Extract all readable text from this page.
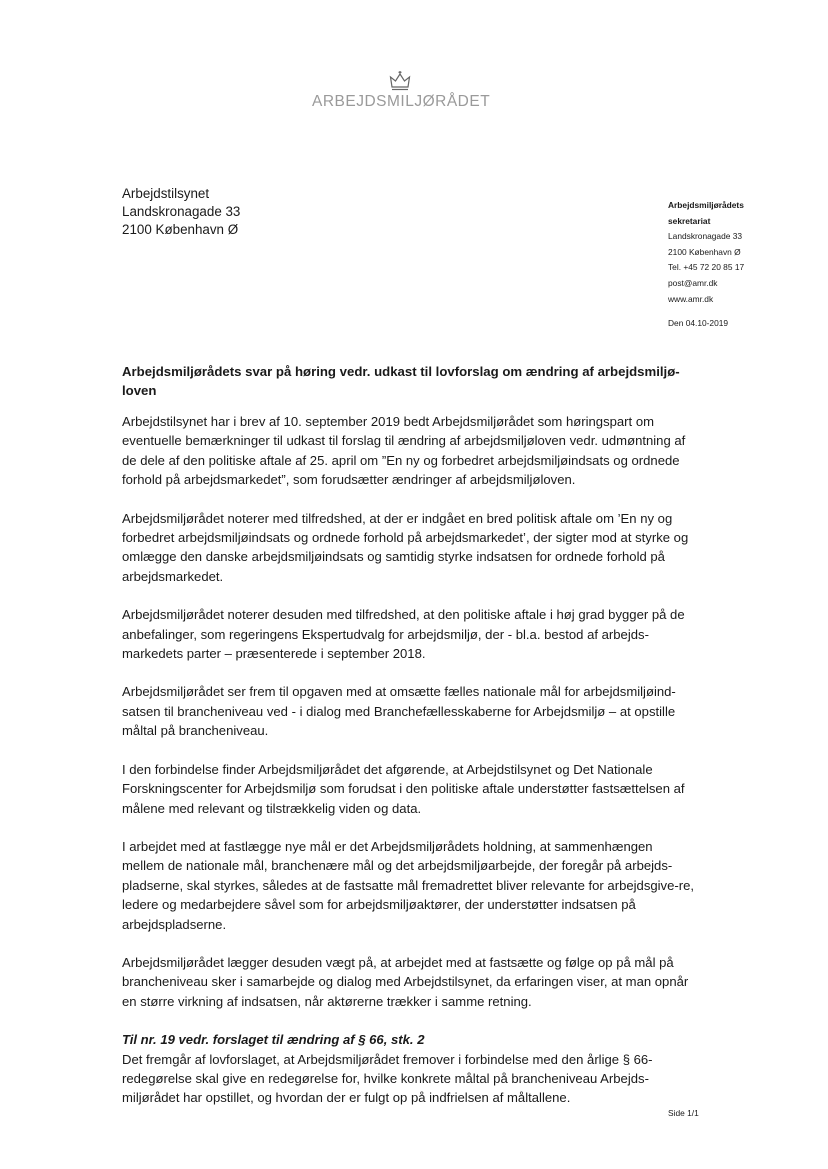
ARBEJDSMILJØRÅDET
Arbejdstilsynet
Landskronagade 33
2100 København Ø
Arbejdsmiljørådets
sekretariat
Landskronagade 33
2100 København Ø
Tel. +45 72 20 85 17
post@amr.dk
www.amr.dk
Den 04.10-2019
Arbejdsmiljørådets svar på høring vedr. udkast til lovforslag om ændring af arbejdsmiljø-loven

Arbejdstilsynet har i brev af 10. september 2019 bedt Arbejdsmiljørådet som høringspart om eventuelle bemærkninger til udkast til forslag til ændring af arbejdsmiljøloven vedr. udmøntning af de dele af den politiske aftale af 25. april om ”En ny og forbedret arbejdsmiljøindsats og ordnede forhold på arbejdsmarkedet”, som forudsætter ændringer af arbejdsmiljøloven.

Arbejdsmiljørådet noterer med tilfredshed, at der er indgået en bred politisk aftale om ’En ny og forbedret arbejdsmiljøindsats og ordnede forhold på arbejdsmarkedet’, der sigter mod at styrke og omlægge den danske arbejdsmiljøindsats og samtidig styrke indsatsen for ordnede forhold på arbejdsmarkedet.

Arbejdsmiljørådet noterer desuden med tilfredshed, at den politiske aftale i høj grad bygger på de anbefalinger, som regeringens Ekspertudvalg for arbejdsmiljø, der - bl.a. bestod af arbejds-markedets parter – præsenterede i september 2018.

Arbejdsmiljørådet ser frem til opgaven med at omsætte fælles nationale mål for arbejdsmiljøind-satsen til brancheniveau ved - i dialog med Branchefællesskaberne for Arbejdsmiljø – at opstille måltal på brancheniveau.

I den forbindelse finder Arbejdsmiljørådet det afgørende, at Arbejdstilsynet og Det Nationale Forskningscenter for Arbejdsmiljø som forudsat i den politiske aftale understøtter fastsættelsen af målene med relevant og tilstrækkelig viden og data.

I arbejdet med at fastlægge nye mål er det Arbejdsmiljørådets holdning, at sammenhængen mellem de nationale mål, branchenære mål og det arbejdsmiljøarbejde, der foregår på arbejds-pladserne, skal styrkes, således at de fastsatte mål fremadrettet bliver relevante for arbejdsgive-re, ledere og medarbejdere såvel som for arbejdsmiljøaktører, der understøtter indsatsen på arbejdspladserne.

Arbejdsmiljørådet lægger desuden vægt på, at arbejdet med at fastsætte og følge op på mål på brancheniveau sker i samarbejde og dialog med Arbejdstilsynet, da erfaringen viser, at man opnår en større virkning af indsatsen, når aktørerne trækker i samme retning.

Til nr. 19 vedr. forslaget til ændring af § 66, stk. 2

Det fremgår af lovforslaget, at Arbejdsmiljørådet fremover i forbindelse med den årlige § 66-redegørelse skal give en redegørelse for, hvilke konkrete måltal på brancheniveau Arbejds-miljørådet har opstillet, og hvordan der er fulgt op på indfrielsen af måltallene.

Side 1/1
